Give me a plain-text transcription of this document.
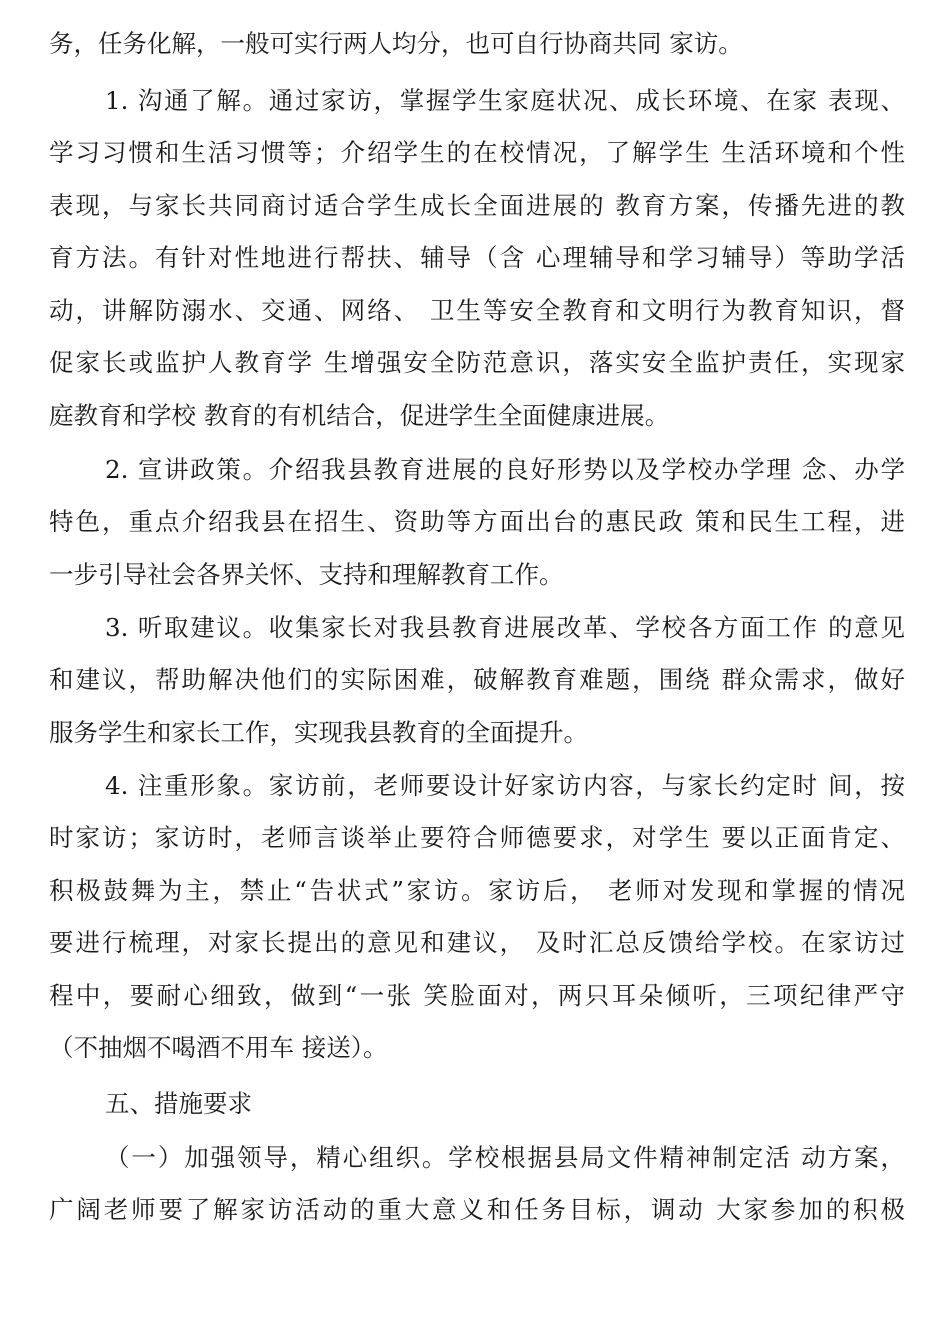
务，任务化解，一般可实行两人均分，也可自行协商共同 家访。
1. 沟通了解。通过家访，掌握学生家庭状况、成长环境、在家 表现、
学习习惯和生活习惯等；介绍学生的在校情况，了解学生 生活环境和个性
表现，与家长共同商讨适合学生成长全面进展的 教育方案，传播先进的教
育方法。有针对性地进行帮扶、辅导（含 心理辅导和学习辅导）等助学活
动，讲解防溺水、交通、网络、 卫生等安全教育和文明行为教育知识，督
促家长或监护人教育学 生增强安全防范意识，落实安全监护责任，实现家
庭教育和学校 教育的有机结合，促进学生全面健康进展。
2. 宣讲政策。介绍我县教育进展的良好形势以及学校办学理 念、办学
特色，重点介绍我县在招生、资助等方面出台的惠民政 策和民生工程，进
一步引导社会各界关怀、支持和理解教育工作。
3. 听取建议。收集家长对我县教育进展改革、学校各方面工作 的意见
和建议，帮助解决他们的实际困难，破解教育难题，围绕 群众需求，做好
服务学生和家长工作，实现我县教育的全面提升。
4. 注重形象。家访前，老师要设计好家访内容，与家长约定时 间，按
时家访；家访时，老师言谈举止要符合师德要求，对学生 要以正面肯定、
积极鼓舞为主，禁止“告状式”家访。家访后， 老师对发现和掌握的情况
要进行梳理，对家长提出的意见和建议， 及时汇总反馈给学校。在家访过
程中，要耐心细致，做到“一张 笑脸面对，两只耳朵倾听，三项纪律严守
（不抽烟不喝酒不用车 接送）。
五、措施要求
（一）加强领导，精心组织。学校根据县局文件精神制定活 动方案，
广阔老师要了解家访活动的重大意义和任务目标，调动 大家参加的积极
